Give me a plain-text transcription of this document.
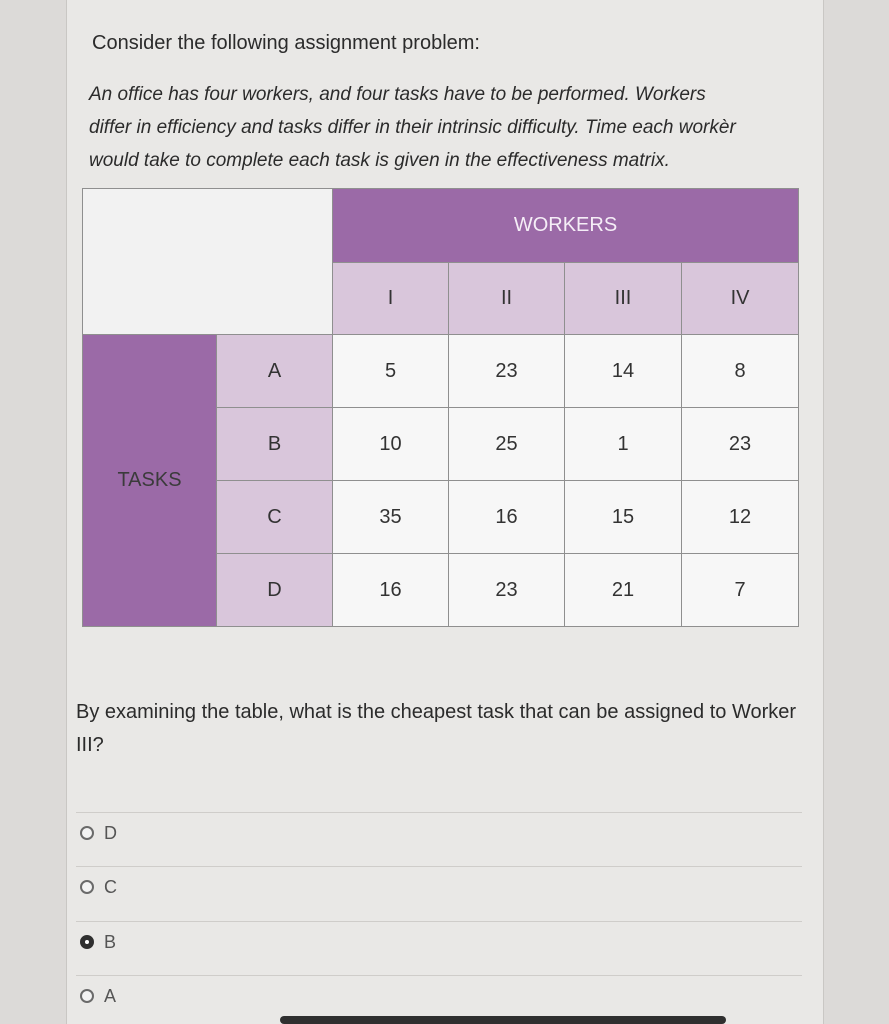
Consider the following assignment problem:
An office has four workers, and four tasks have to be performed. Workers
differ in efficiency and tasks differ in their intrinsic difficulty. Time each workèr
would take to complete each task is given in the effectiveness matrix.
		WORKERS			
		I	II	III	IV
TASKS	A	5	23	14	8
	B	10	25	1	23
	C	35	16	15	12
	D	16	23	21	7
By examining the table, what is the cheapest task that can be assigned to Worker III?
D
C
B
A
